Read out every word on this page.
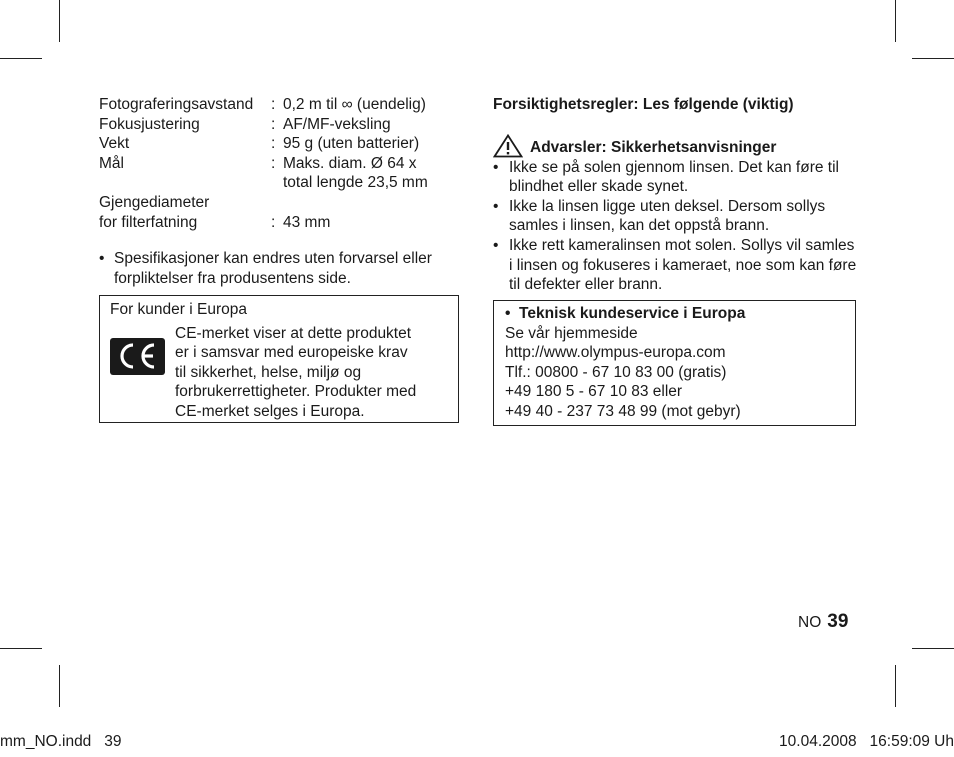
Fotograferingsavstand	: 0,2 m til ∞ (uendelig)
Fokusjustering	: AF/MF-veksling
Vekt	: 95 g (uten batterier)
Mål	: Maks. diam. Ø 64 x
total lengde 23,5 mm
Gjengediameter
for filterfatning	: 43 mm
• Spesifikasjoner kan endres uten forvarsel eller forpliktelser fra produsentens side.
For kunder i Europa
CE-merket viser at dette produktet
er i samsvar med europeiske krav
til sikkerhet, helse, miljø og
forbrukerrettigheter. Produkter med
CE-merket selges i Europa.
Forsiktighetsregler: Les følgende (viktig)
Advarsler: Sikkerhetsanvisninger
• Ikke se på solen gjennom linsen. Det kan føre til blindhet eller skade synet.
• Ikke la linsen ligge uten deksel. Dersom sollys samles i linsen, kan det oppstå brann.
• Ikke rett kameralinsen mot solen. Sollys vil samles i linsen og fokuseres i kameraet, noe som kan føre til defekter eller brann.
•  Teknisk kundeservice i Europa
Se vår hjemmeside
http://www.olympus-europa.com
Tlf.: 00800 - 67 10 83 00 (gratis)
+49 180 5 - 67 10 83 eller
+49 40 - 237 73 48 99 (mot gebyr)
NO 39
mm_NO.indd   39	10.04.2008   16:59:09 Uh
